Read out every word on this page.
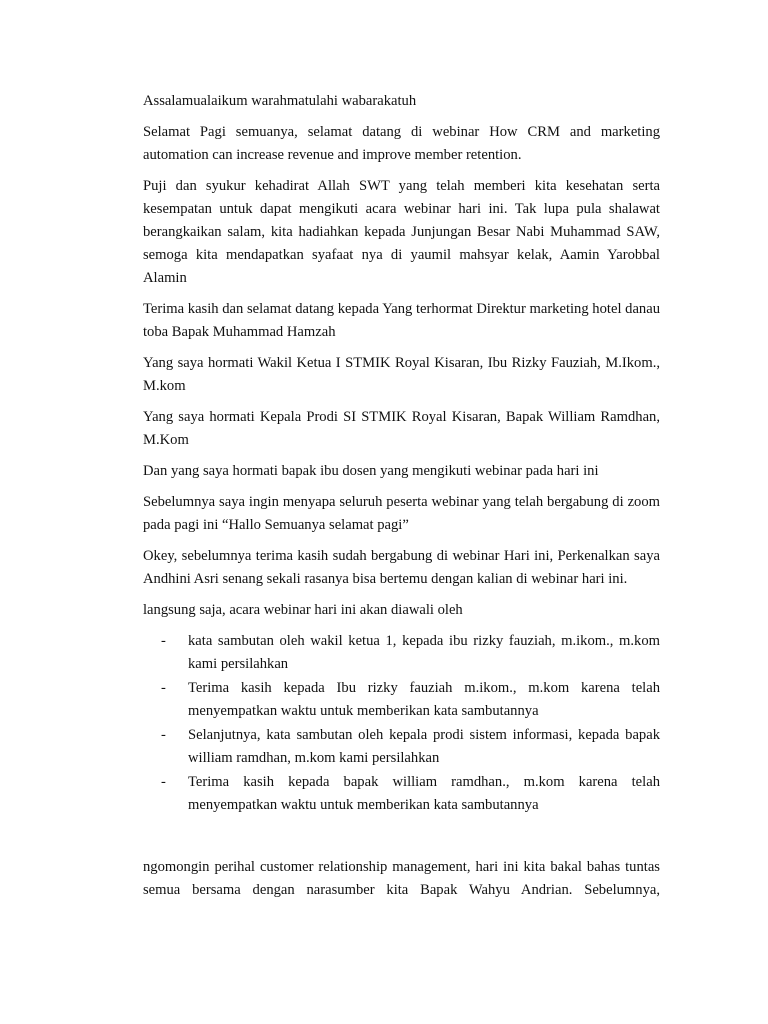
Assalamualaikum warahmatulahi wabarakatuh

Selamat Pagi semuanya, selamat datang di webinar How CRM and marketing automation can increase revenue and improve member retention.

Puji dan syukur kehadirat Allah SWT yang telah memberi kita kesehatan serta kesempatan untuk dapat mengikuti acara webinar hari ini. Tak lupa pula shalawat berangkaikan salam, kita hadiahkan kepada Junjungan Besar Nabi Muhammad SAW, semoga kita mendapatkan syafaat nya di yaumil mahsyar kelak, Aamin Yarobbal Alamin

Terima kasih dan selamat datang kepada Yang terhormat Direktur marketing hotel danau toba Bapak Muhammad Hamzah

Yang saya hormati Wakil Ketua I STMIK Royal Kisaran, Ibu Rizky Fauziah, M.Ikom., M.kom

Yang saya hormati Kepala Prodi SI STMIK Royal Kisaran, Bapak William Ramdhan, M.Kom

Dan yang saya hormati bapak ibu dosen yang mengikuti webinar pada hari ini

Sebelumnya saya ingin menyapa seluruh peserta webinar yang telah bergabung di zoom pada pagi ini “Hallo Semuanya selamat pagi”

Okey, sebelumnya terima kasih sudah bergabung di webinar Hari ini, Perkenalkan saya Andhini Asri senang sekali rasanya bisa bertemu dengan kalian di webinar hari ini.

langsung saja, acara webinar hari ini akan diawali oleh

- kata sambutan oleh wakil ketua 1, kepada ibu rizky fauziah, m.ikom., m.kom kami persilahkan
- Terima kasih kepada Ibu rizky fauziah m.ikom., m.kom karena telah menyempatkan waktu untuk memberikan kata sambutannya
- Selanjutnya, kata sambutan oleh kepala prodi sistem informasi, kepada bapak william ramdhan, m.kom kami persilahkan
- Terima kasih kepada bapak william ramdhan., m.kom karena telah menyempatkan waktu untuk memberikan kata sambutannya

ngomongin perihal customer relationship management, hari ini kita bakal bahas tuntas semua bersama dengan narasumber kita Bapak Wahyu Andrian. Sebelumnya,
